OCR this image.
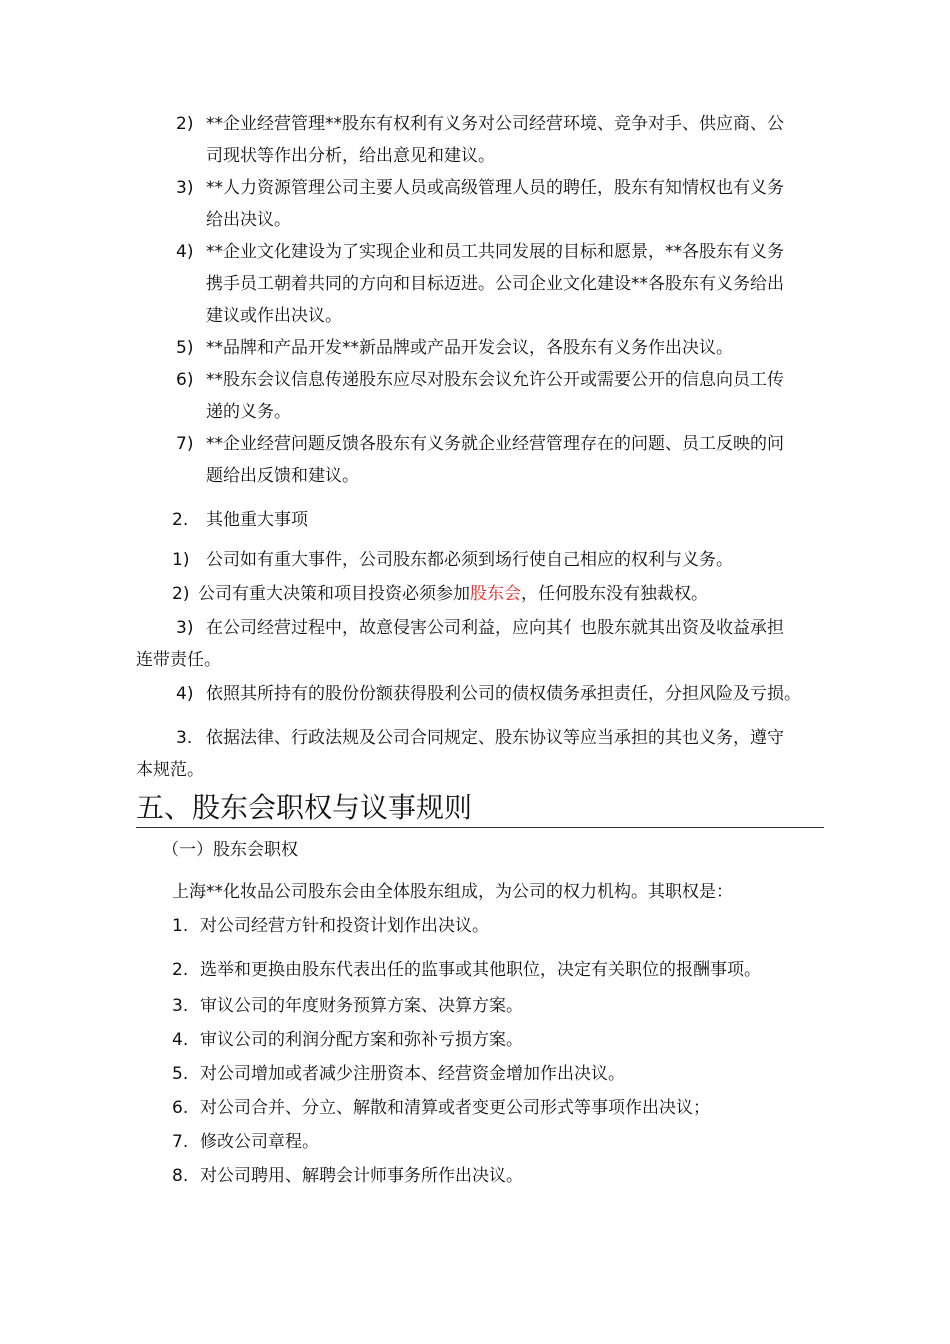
2) **企业经营管理**股东有权利有义务对公司经营环境、竞争对手、供应商、公
司现状等作出分析，给出意见和建议。
3) **人力资源管理公司主要人员或高级管理人员的聘任，股东有知情权也有义务
给出决议。
4) **企业文化建设为了实现企业和员工共同发展的目标和愿景，**各股东有义务
携手员工朝着共同的方向和目标迈进。公司企业文化建设**各股东有义务给出
建议或作出决议。
5) **品牌和产品开发**新品牌或产品开发会议，各股东有义务作出决议。
6) **股东会议信息传递股东应尽对股东会议允许公开或需要公开的信息向员工传
递的义务。
7) **企业经营问题反馈各股东有义务就企业经营管理存在的问题、员工反映的问
题给出反馈和建议。
2. 其他重大事项
1) 公司如有重大事件，公司股东都必须到场行使自己相应的权利与义务。
2) 公司有重大决策和项目投资必须参加股东会，任何股东没有独裁权。
3) 在公司经营过程中，故意侵害公司利益，应向其亻也股东就其出资及收益承担
连带责任。
4) 依照其所持有的股份份额获得股利公司的债权债务承担责任，分担风险及亏损。
3. 依据法律、行政法规及公司合同规定、股东协议等应当承担的其也义务，遵守
本规范。
五、股东会职权与议事规则
（一）股东会职权
上海**化妆品公司股东会由全体股东组成，为公司的权力机构。其职权是：
1. 对公司经营方针和投资计划作出决议。
2. 选举和更换由股东代表出任的监事或其他职位，决定有关职位的报酬事项。
3. 审议公司的年度财务预算方案、决算方案。
4. 审议公司的利润分配方案和弥补亏损方案。
5. 对公司增加或者减少注册资本、经营资金增加作出决议。
6. 对公司合并、分立、解散和清算或者变更公司形式等事项作出决议；
7. 修改公司章程。
8. 对公司聘用、解聘会计师事务所作出决议。
